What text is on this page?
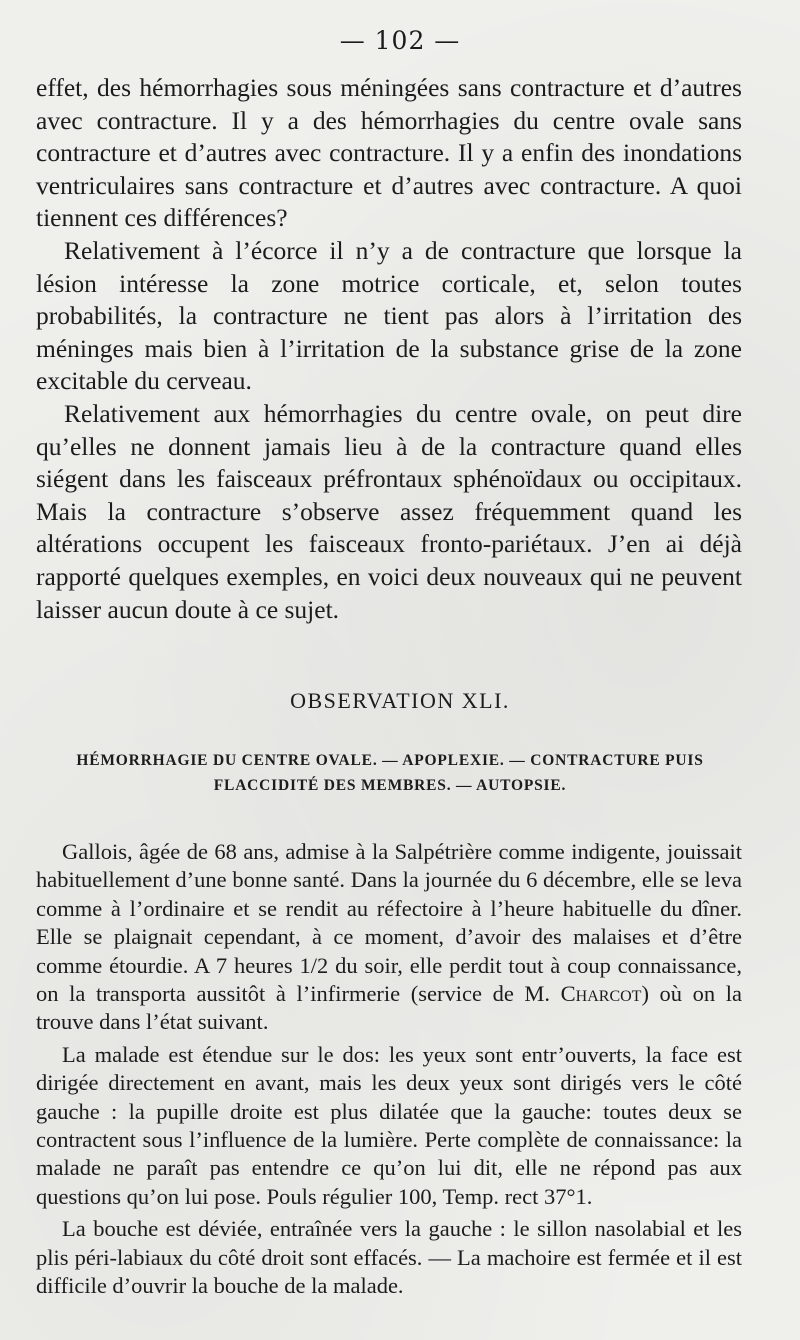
— 102 —

effet, des hémorrhagies sous méningées sans contracture et d’autres avec contracture. Il y a des hémorrhagies du centre ovale sans contracture et d’autres avec contracture. Il y a enfin des inondations ventriculaires sans contracture et d’autres avec contracture. A quoi tiennent ces différences?

Relativement à l’écorce il n’y a de contracture que lorsque la lésion intéresse la zone motrice corticale, et, selon toutes probabilités, la contracture ne tient pas alors à l’irritation des méninges mais bien à l’irritation de la substance grise de la zone excitable du cerveau.

Relativement aux hémorrhagies du centre ovale, on peut dire qu’elles ne donnent jamais lieu à de la contracture quand elles siégent dans les faisceaux préfrontaux sphénoïdaux ou occipitaux. Mais la contracture s’observe assez fréquemment quand les altérations occupent les faisceaux fronto-pariétaux. J’en ai déjà rapporté quelques exemples, en voici deux nouveaux qui ne peuvent laisser aucun doute à ce sujet.

OBSERVATION XLI.
HÉMORRHAGIE DU CENTRE OVALE. — APOPLEXIE. — CONTRACTURE PUIS FLACCIDITÉ DES MEMBRES. — AUTOPSIE.

Gallois, âgée de 68 ans, admise à la Salpétrière comme indigente, jouissait habituellement d’une bonne santé. Dans la journée du 6 décembre, elle se leva comme à l’ordinaire et se rendit au réfectoire à l’heure habituelle du dîner. Elle se plaignait cependant, à ce moment, d’avoir des malaises et d’être comme étourdie. A 7 heures 1/2 du soir, elle perdit tout à coup connaissance, on la transporta aussitôt à l’infirmerie (service de M. Charcot) où on la trouve dans l’état suivant.

La malade est étendue sur le dos: les yeux sont entr’ouverts, la face est dirigée directement en avant, mais les deux yeux sont dirigés vers le côté gauche : la pupille droite est plus dilatée que la gauche: toutes deux se contractent sous l’influence de la lumière. Perte complète de connaissance: la malade ne paraît pas entendre ce qu’on lui dit, elle ne répond pas aux questions qu’on lui pose. Pouls régulier 100, Temp. rect 37°1.

La bouche est déviée, entraînée vers la gauche : le sillon nasolabial et les plis péri-labiaux du côté droit sont effacés. — La machoire est fermée et il est difficile d’ouvrir la bouche de la malade.
